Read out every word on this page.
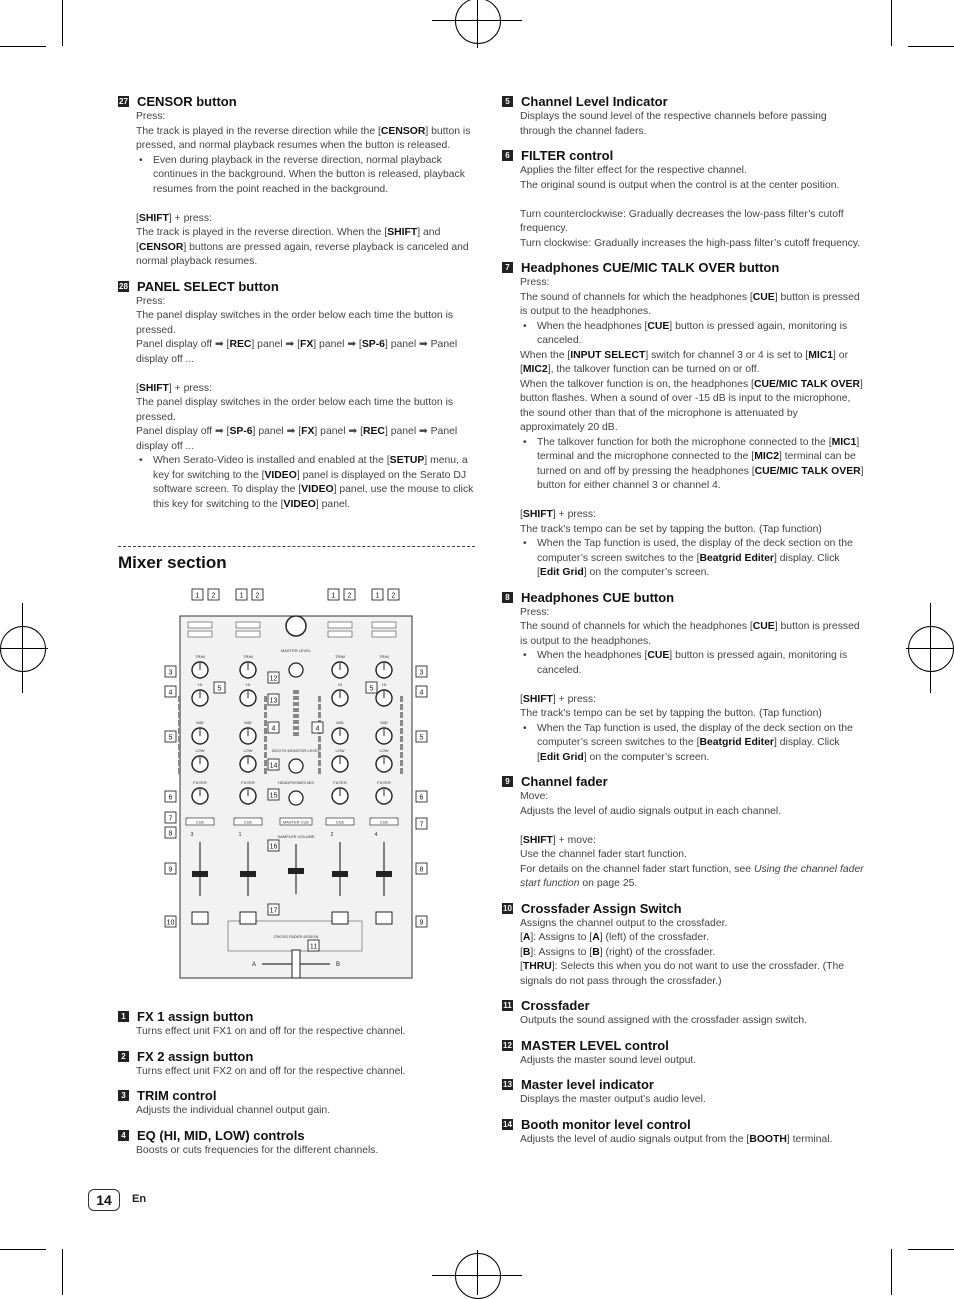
27 CENSOR button
Press:
The track is played in the reverse direction while the [CENSOR] button is pressed, and normal playback resumes when the button is released.
• Even during playback in the reverse direction, normal playback continues in the background. When the button is released, playback resumes from the point reached in the background.
[SHIFT] + press:
The track is played in the reverse direction. When the [SHIFT] and [CENSOR] buttons are pressed again, reverse playback is canceled and normal playback resumes.
28 PANEL SELECT button
Press:
The panel display switches in the order below each time the button is pressed.
Panel display off ➡ [REC] panel ➡ [FX] panel ➡ [SP-6] panel ➡ Panel display off ...
[SHIFT] + press:
The panel display switches in the order below each time the button is pressed.
Panel display off ➡ [SP-6] panel ➡ [FX] panel ➡ [REC] panel ➡ Panel display off ...
• When Serato-Video is installed and enabled at the [SETUP] menu, a key for switching to the [VIDEO] panel is displayed on the Serato DJ software screen. To display the [VIDEO] panel, use the mouse to click this key for switching to the [VIDEO] panel.
Mixer section
TRIM
HI
MID
LOW
FILTER
CUE
3
TRIM
HI
MID
LOW
FILTER
CUE
1
TRIM
HI
MID
LOW
FILTER
CUE
2
TRIM
HI
MID
LOW
FILTER
CUE
4
MASTER LEVEL
BOOTH MONITOR LEVEL
HEADPHONES MIX
MASTER CUE
SAMPLER VOLUME
CROSS FADER ASSIGN
A	B
1 2	1 2	1 2	1 2
3
4
5
6
7
8
9
10
3
4
5
6
7
8
9
12
13
4
14
15
16
17
11
5
4
5
1 FX 1 assign button
Turns effect unit FX1 on and off for the respective channel.
2 FX 2 assign button
Turns effect unit FX2 on and off for the respective channel.
3 TRIM control
Adjusts the individual channel output gain.
4 EQ (HI, MID, LOW) controls
Boosts or cuts frequencies for the different channels.
5 Channel Level Indicator
Displays the sound level of the respective channels before passing through the channel faders.
6 FILTER control
Applies the filter effect for the respective channel.
The original sound is output when the control is at the center position.
Turn counterclockwise: Gradually decreases the low-pass filter’s cutoff frequency.
Turn clockwise: Gradually increases the high-pass filter’s cutoff frequency.
7 Headphones CUE/MIC TALK OVER button
Press:
The sound of channels for which the headphones [CUE] button is pressed is output to the headphones.
• When the headphones [CUE] button is pressed again, monitoring is canceled.
When the [INPUT SELECT] switch for channel 3 or 4 is set to [MIC1] or [MIC2], the talkover function can be turned on or off.
When the talkover function is on, the headphones [CUE/MIC TALK OVER] button flashes. When a sound of over -15 dB is input to the microphone, the sound other than that of the microphone is attenuated by approximately 20 dB.
• The talkover function for both the microphone connected to the [MIC1] terminal and the microphone connected to the [MIC2] terminal can be turned on and off by pressing the headphones [CUE/MIC TALK OVER] button for either channel 3 or channel 4.
[SHIFT] + press:
The track’s tempo can be set by tapping the button. (Tap function)
• When the Tap function is used, the display of the deck section on the computer’s screen switches to the [Beatgrid Editer] display. Click [Edit Grid] on the computer’s screen.
8 Headphones CUE button
Press:
The sound of channels for which the headphones [CUE] button is pressed is output to the headphones.
• When the headphones [CUE] button is pressed again, monitoring is canceled.
[SHIFT] + press:
The track’s tempo can be set by tapping the button. (Tap function)
• When the Tap function is used, the display of the deck section on the computer’s screen switches to the [Beatgrid Editer] display. Click [Edit Grid] on the computer’s screen.
9 Channel fader
Move:
Adjusts the level of audio signals output in each channel.
[SHIFT] + move:
Use the channel fader start function.
For details on the channel fader start function, see Using the channel fader start function on page 25.
10 Crossfader Assign Switch
Assigns the channel output to the crossfader.
[A]: Assigns to [A] (left) of the crossfader.
[B]: Assigns to [B] (right) of the crossfader.
[THRU]: Selects this when you do not want to use the crossfader. (The signals do not pass through the crossfader.)
11 Crossfader
Outputs the sound assigned with the crossfader assign switch.
12 MASTER LEVEL control
Adjusts the master sound level output.
13 Master level indicator
Displays the master output’s audio level.
14 Booth monitor level control
Adjusts the level of audio signals output from the [BOOTH] terminal.
14	En
